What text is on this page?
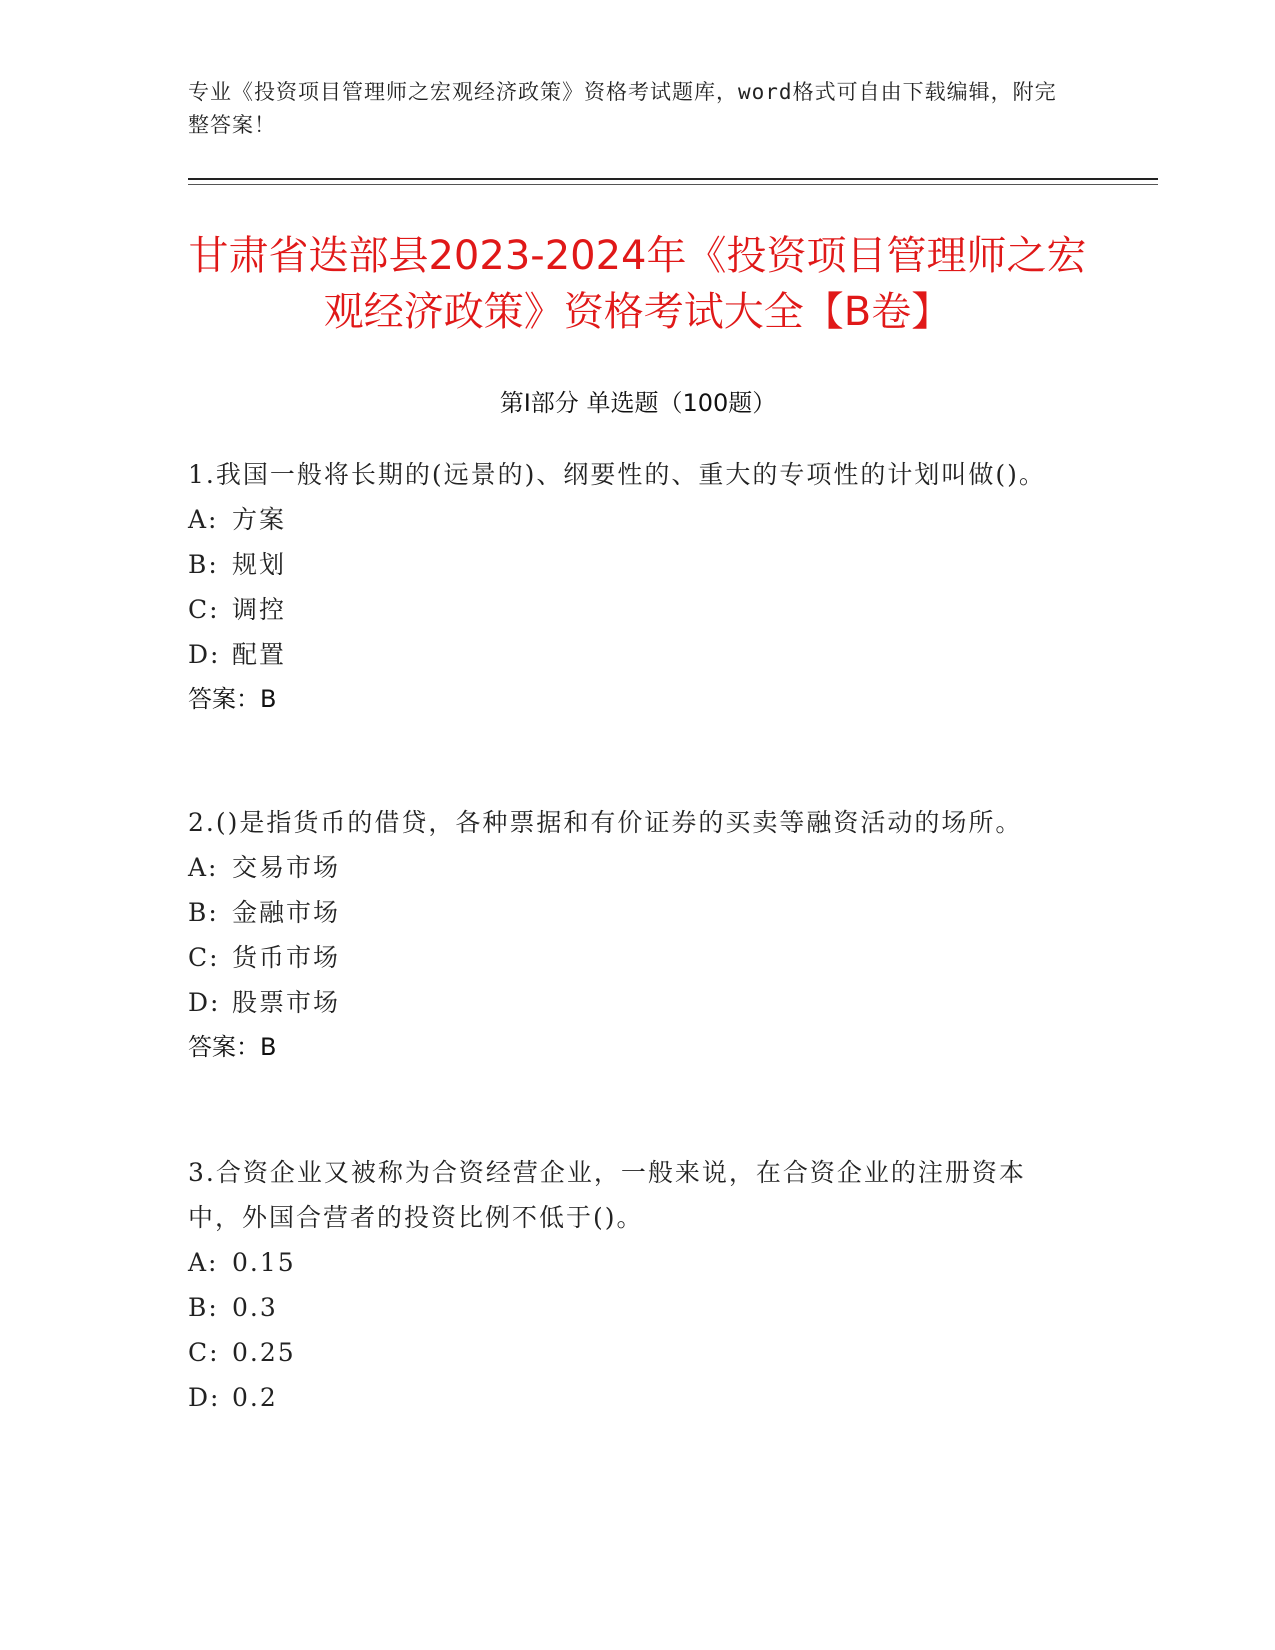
专业《投资项目管理师之宏观经济政策》资格考试题库，word格式可自由下载编辑，附完整答案！
甘肃省迭部县2023-2024年《投资项目管理师之宏观经济政策》资格考试大全【B卷】
第Ⅰ部分 单选题（100题）
1.我国一般将长期的(远景的)、纲要性的、重大的专项性的计划叫做()。
A: 方案
B: 规划
C: 调控
D: 配置
答案：B
2.()是指货币的借贷，各种票据和有价证券的买卖等融资活动的场所。
A: 交易市场
B: 金融市场
C: 货币市场
D: 股票市场
答案：B
3.合资企业又被称为合资经营企业，一般来说，在合资企业的注册资本中，外国合营者的投资比例不低于()。
A: 0.15
B: 0.3
C: 0.25
D: 0.2
